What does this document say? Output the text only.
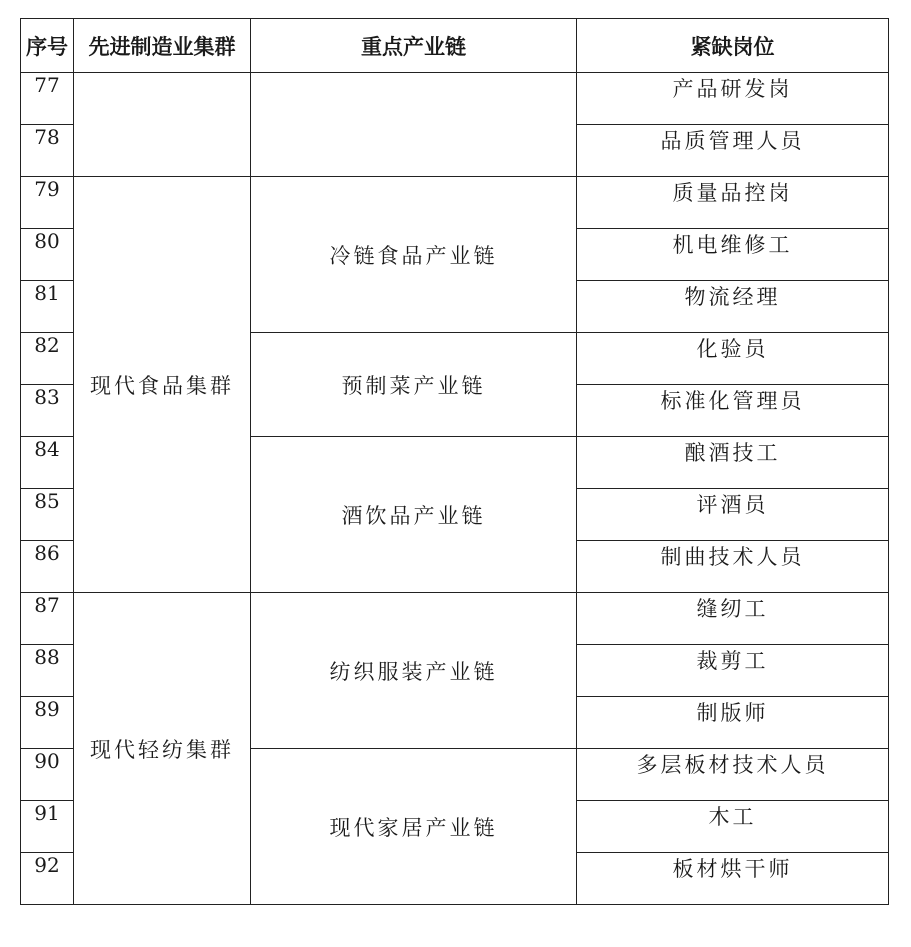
序号	先进制造业集群	重点产业链	紧缺岗位
77			产品研发岗
78			品质管理人员
79	现代食品集群	冷链食品产业链	质量品控岗
80			机电维修工
81			物流经理
82		预制菜产业链	化验员
83			标准化管理员
84		酒饮品产业链	酿酒技工
85			评酒员
86			制曲技术人员
87	现代轻纺集群	纺织服装产业链	缝纫工
88			裁剪工
89			制版师
90		现代家居产业链	多层板材技术人员
91			木工
92			板材烘干师
